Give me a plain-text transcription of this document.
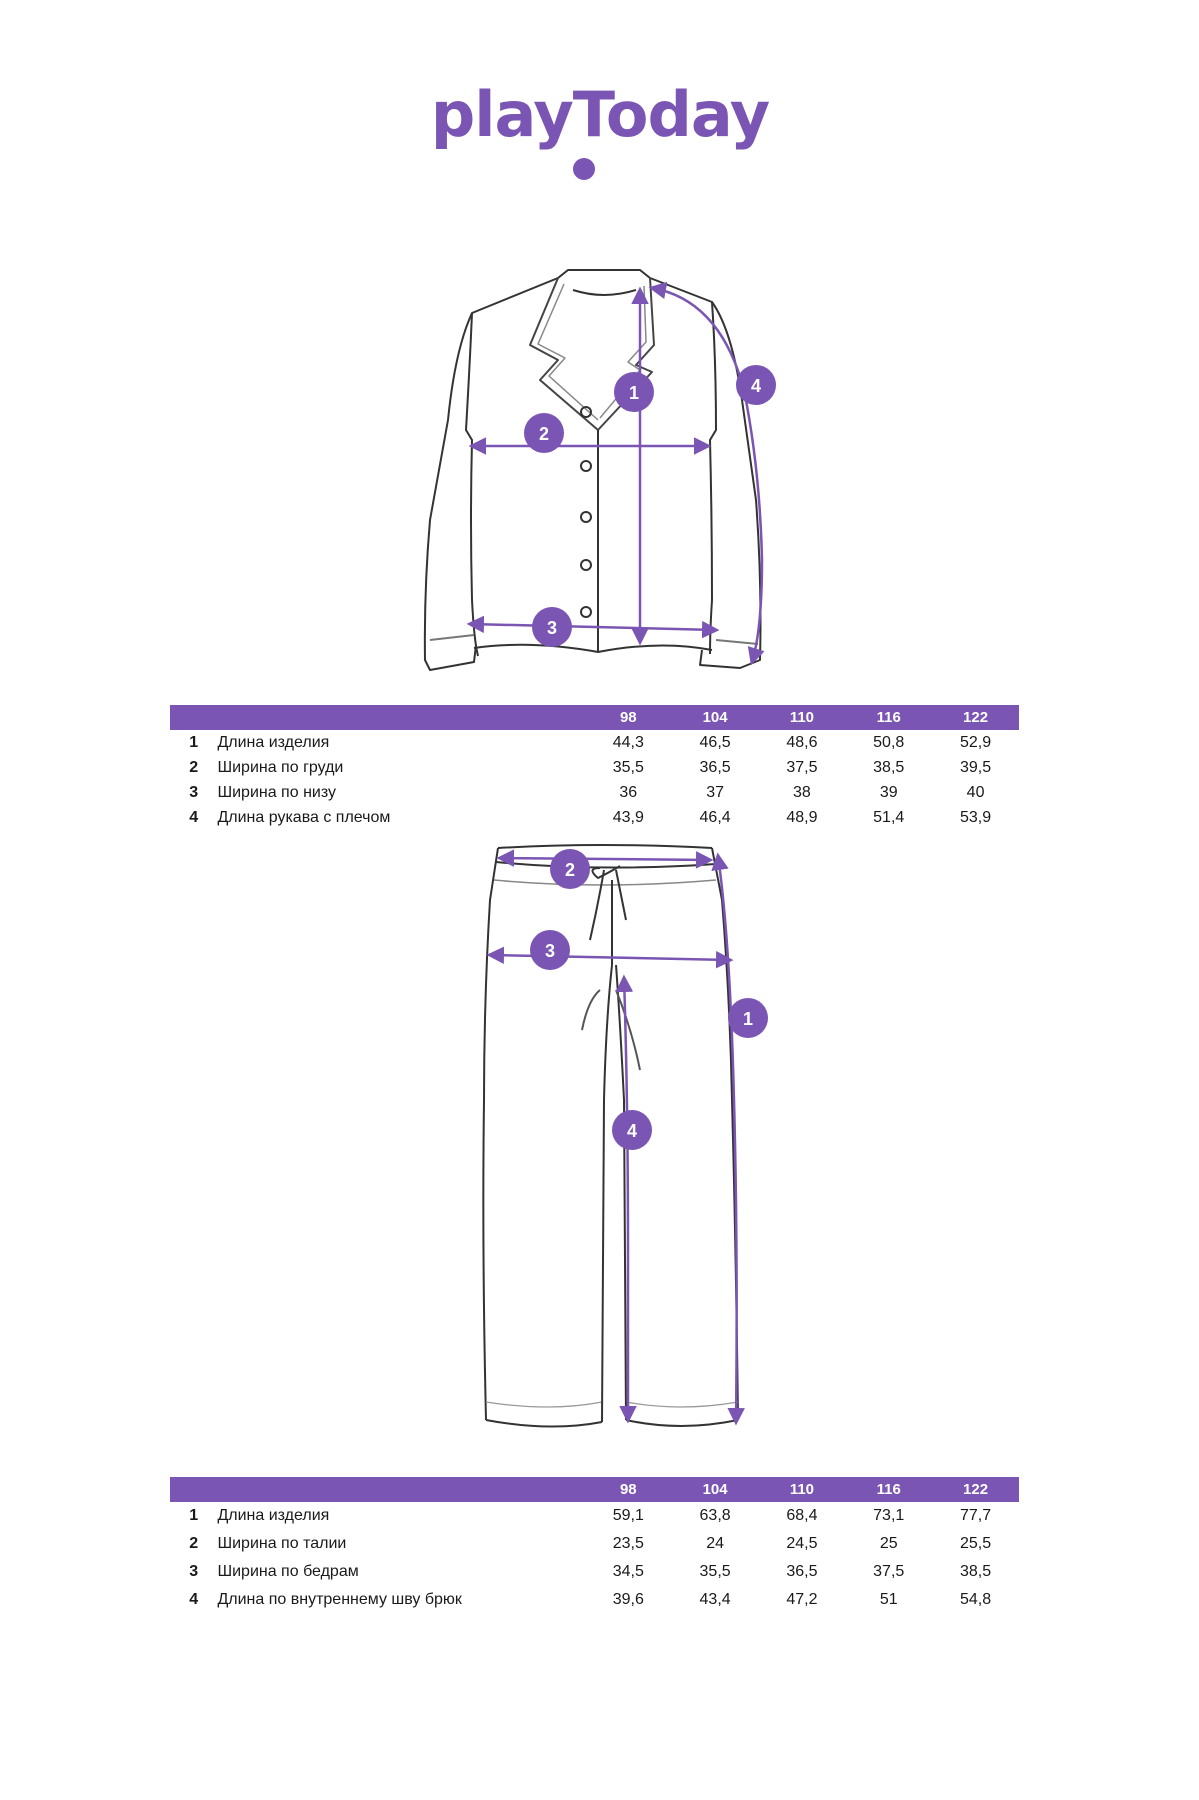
playToday
1
2
3
4
1
2
3
4
		98	104	110	116	122
1	Длина изделия	44,3	46,5	48,6	50,8	52,9
2	Ширина по груди	35,5	36,5	37,5	38,5	39,5
3	Ширина по низу	36	37	38	39	40
4	Длина рукава с плечом	43,9	46,4	48,9	51,4	53,9
		98	104	110	116	122
1	Длина изделия	59,1	63,8	68,4	73,1	77,7
2	Ширина по талии	23,5	24	24,5	25	25,5
3	Ширина по бедрам	34,5	35,5	36,5	37,5	38,5
4	Длина по внутреннему шву брюк	39,6	43,4	47,2	51	54,8
